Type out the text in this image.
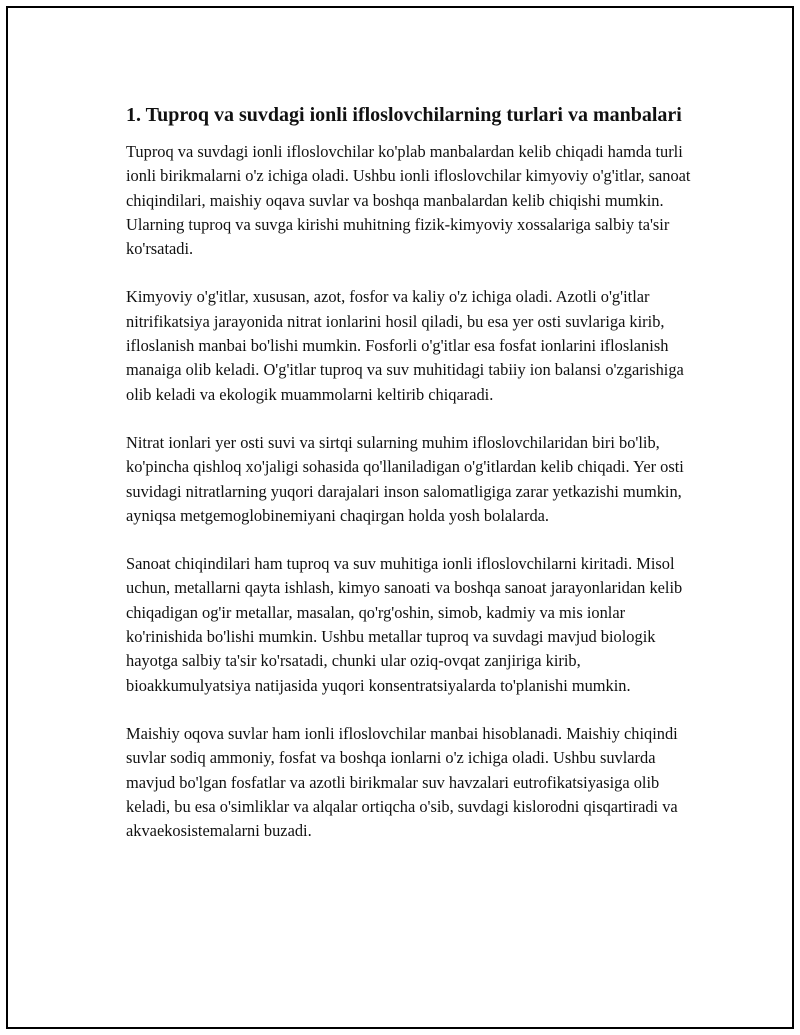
1. Tuproq va suvdagi ionli ifloslovchilarning turlari va manbalari

Tuproq va suvdagi ionli ifloslovchilar ko'plab manbalardan kelib chiqadi hamda turli ionli birikmalarni o'z ichiga oladi. Ushbu ionli ifloslovchilar kimyoviy o'g'itlar, sanoat chiqindilari, maishiy oqava suvlar va boshqa manbalardan kelib chiqishi mumkin. Ularning tuproq va suvga kirishi muhitning fizik-kimyoviy xossalariga salbiy ta'sir ko'rsatadi.

Kimyoviy o'g'itlar, xususan, azot, fosfor va kaliy o'z ichiga oladi. Azotli o'g'itlar nitrifikatsiya jarayonida nitrat ionlarini hosil qiladi, bu esa yer osti suvlariga kirib, ifloslanish manbai bo'lishi mumkin. Fosforli o'g'itlar esa fosfat ionlarini ifloslanish manaiga olib keladi. O'g'itlar tuproq va suv muhitidagi tabiiy ion balansi o'zgarishiga olib keladi va ekologik muammolarni keltirib chiqaradi.

Nitrat ionlari yer osti suvi va sirtqi sularning muhim ifloslovchilaridan biri bo'lib, ko'pincha qishloq xo'jaligi sohasida qo'llaniladigan o'g'itlardan kelib chiqadi. Yer osti suvidagi nitratlarning yuqori darajalari inson salomatligiga zarar yetkazishi mumkin, ayniqsa metgemoglobinemiyani chaqirgan holda yosh bolalarda.

Sanoat chiqindilari ham tuproq va suv muhitiga ionli ifloslovchilarni kiritadi. Misol uchun, metallarni qayta ishlash, kimyo sanoati va boshqa sanoat jarayonlaridan kelib chiqadigan og'ir metallar, masalan, qo'rg'oshin, simob, kadmiy va mis ionlar ko'rinishida bo'lishi mumkin. Ushbu metallar tuproq va suvdagi mavjud biologik hayotga salbiy ta'sir ko'rsatadi, chunki ular oziq-ovqat zanjiriga kirib, bioakkumulyatsiya natijasida yuqori konsentratsiyalarda to'planishi mumkin.

Maishiy oqova suvlar ham ionli ifloslovchilar manbai hisoblanadi. Maishiy chiqindi suvlar sodiq ammoniy, fosfat va boshqa ionlarni o'z ichiga oladi. Ushbu suvlarda mavjud bo'lgan fosfatlar va azotli birikmalar suv havzalari eutrofikatsiyasiga olib keladi, bu esa o'simliklar va alqalar ortiqcha o'sib, suvdagi kislorodni qisqartiradi va akvaekosistemalarni buzadi.
